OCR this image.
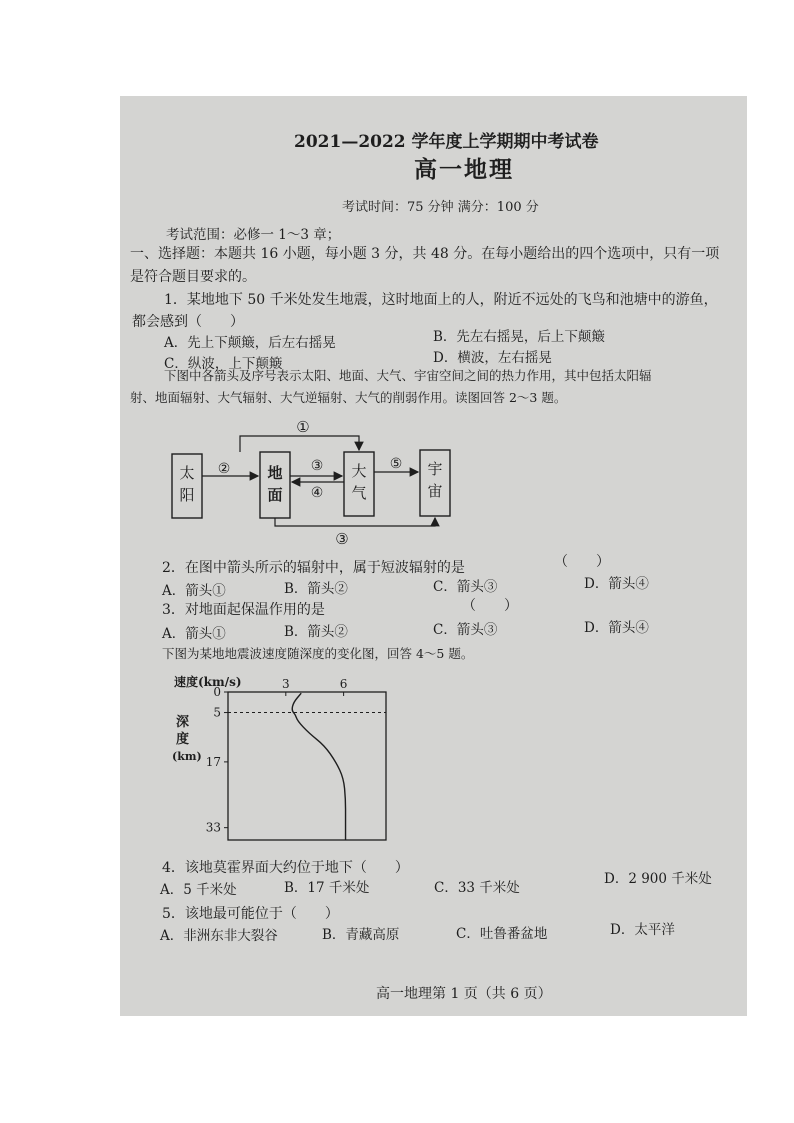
2021—2022 学年度上学期期中考试卷
高一地理
考试时间：75 分钟 满分：100 分
考试范围：必修一 1～3 章；
一、选择题：本题共 16 小题，每小题 3 分，共 48 分。在每小题给出的四个选项中，只有一项
是符合题目要求的。
1．某地地下 50 千米处发生地震，这时地面上的人，附近不远处的飞鸟和池塘中的游鱼，
都会感到（　　）
A．先上下颠簸，后左右摇晃	B．先左右摇晃，后上下颠簸
C．纵波，上下颠簸	D．横波，左右摇晃
下图中各箭头及序号表示太阳、地面、大气、宇宙空间之间的热力作用，其中包括太阳辐
射、地面辐射、大气辐射、大气逆辐射、大气的削弱作用。读图回答 2～3 题。
太
阳
地
面
大
气
宇
宙
①
②	③
④
⑤
③
2．在图中箭头所示的辐射中，属于短波辐射的是	（　　）
A．箭头①	B．箭头②	C．箭头③	D．箭头④
3．对地面起保温作用的是	（　　）
A．箭头①	B．箭头②	C．箭头③	D．箭头④
下图为某地地震波速度随深度的变化图，回答 4～5 题。
速度(km/s)
深
度
(km)
3	6
0
5
17
33
4．该地莫霍界面大约位于地下（　　）
A．5 千米处	B．17 千米处	C．33 千米处
D．2 900 千米处
5．该地最可能位于（　　）
A．非洲东非大裂谷	B．青藏高原	C．吐鲁番盆地	D．太平洋
高一地理第 1 页（共 6 页）
